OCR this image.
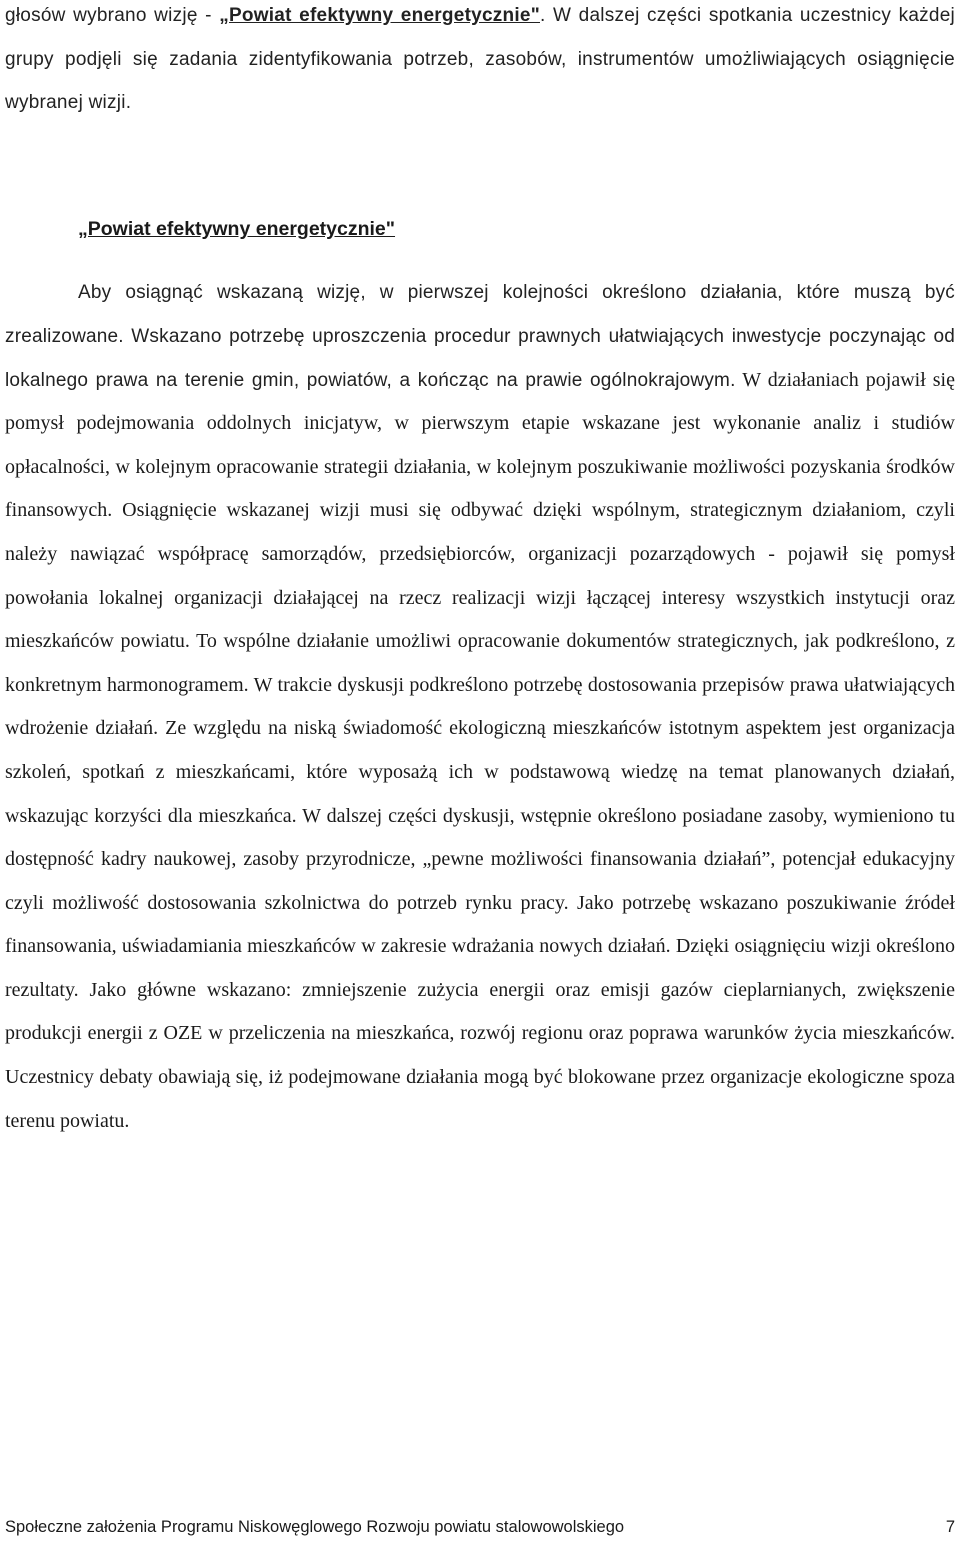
głosów wybrano wizję - „Powiat efektywny energetycznie". W dalszej części spotkania uczestnicy każdej grupy podjęli się zadania zidentyfikowania potrzeb, zasobów, instrumentów umożliwiających osiągnięcie wybranej wizji.

„Powiat efektywny energetycznie"

Aby osiągnąć wskazaną wizję, w pierwszej kolejności określono działania, które muszą być zrealizowane. Wskazano potrzebę uproszczenia procedur prawnych ułatwiających inwestycje poczynając od lokalnego prawa na terenie gmin, powiatów, a kończąc na prawie ogólnokrajowym. W działaniach pojawił się pomysł podejmowania oddolnych inicjatyw, w pierwszym etapie wskazane jest wykonanie analiz i studiów opłacalności, w kolejnym opracowanie strategii działania, w kolejnym poszukiwanie możliwości pozyskania środków finansowych. Osiągnięcie wskazanej wizji musi się odbywać dzięki wspólnym, strategicznym działaniom, czyli należy nawiązać współpracę samorządów, przedsiębiorców, organizacji pozarządowych - pojawił się pomysł powołania lokalnej organizacji działającej na rzecz realizacji wizji łączącej interesy wszystkich instytucji oraz mieszkańców powiatu. To wspólne działanie umożliwi opracowanie dokumentów strategicznych, jak podkreślono, z konkretnym harmonogramem. W trakcie dyskusji podkreślono potrzebę dostosowania przepisów prawa ułatwiających wdrożenie działań. Ze względu na niską świadomość ekologiczną mieszkańców istotnym aspektem jest organizacja szkoleń, spotkań z mieszkańcami, które wyposażą ich w podstawową wiedzę na temat planowanych działań, wskazując korzyści dla mieszkańca. W dalszej części dyskusji, wstępnie określono posiadane zasoby, wymieniono tu dostępność kadry naukowej, zasoby przyrodnicze, „pewne możliwości finansowania działań”, potencjał edukacyjny czyli możliwość dostosowania szkolnictwa do potrzeb rynku pracy. Jako potrzebę wskazano poszukiwanie źródeł finansowania, uświadamiania mieszkańców w zakresie wdrażania nowych działań. Dzięki osiągnięciu wizji określono rezultaty. Jako główne wskazano: zmniejszenie zużycia energii oraz emisji gazów cieplarnianych, zwiększenie produkcji energii z OZE w przeliczenia na mieszkańca, rozwój regionu oraz poprawa warunków życia mieszkańców. Uczestnicy debaty obawiają się, iż podejmowane działania mogą być blokowane przez organizacje ekologiczne spoza terenu powiatu.

Społeczne założenia Programu Niskowęglowego Rozwoju powiatu stalowowolskiego	7
